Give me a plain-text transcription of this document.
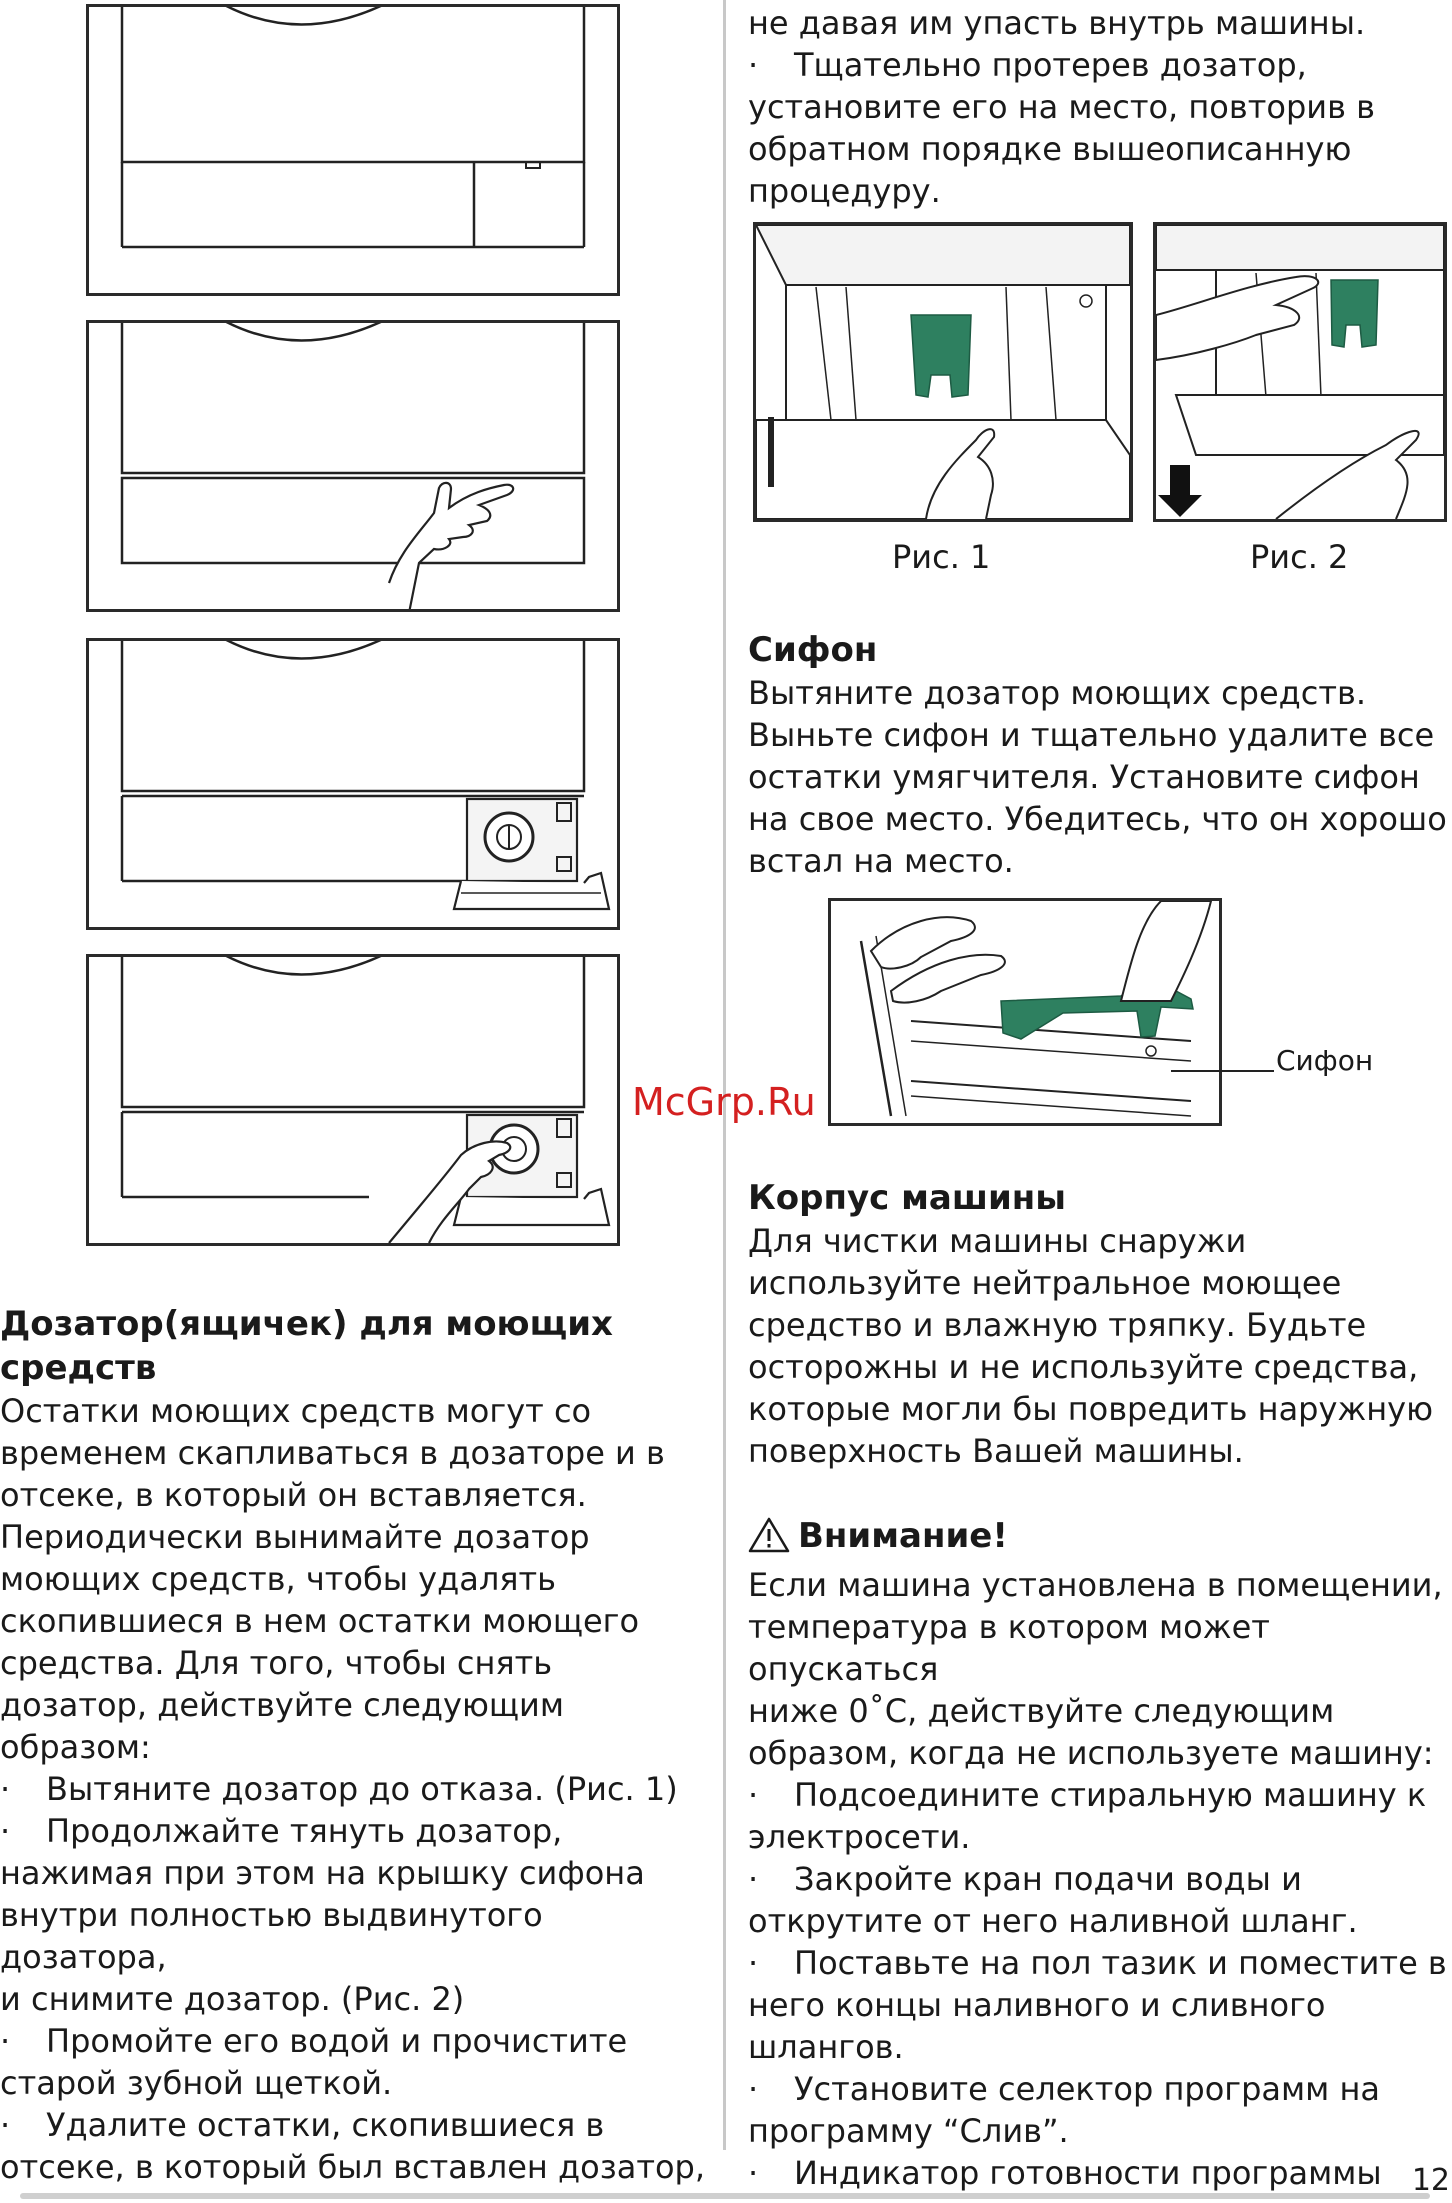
Дозатор(ящичек) для моющих
средств

Остатки моющих средств могут со

временем скапливаться в дозаторе и в

отсеке, в который он вставляется.

Периодически вынимайте дозатор

моющих средств, чтобы удалять

скопившиеся в нем остатки моющего

средства. Для того, чтобы снять

дозатор, действуйте следующим

образом:

· Вытяните дозатор до отказа. (Рис. 1)

· Продолжайте тянуть дозатор,

нажимая при этом на крышку сифона

внутри полностью выдвинутого дозатора,

и снимите дозатор. (Рис. 2)

· Промойте его водой и прочистите

старой зубной щеткой.

· Удалите остатки, скопившиеся в

отсеке, в который был вставлен дозатор,

не давая им упасть внутрь машины.

· Тщательно протерев дозатор,

установите его на место, повторив в

обратном порядке вышеописанную

процедуру.

Рис. 1	Рис. 2

Сифон

Вытяните дозатор моющих средств.

Выньте сифон и тщательно удалите все

остатки умягчителя. Установите сифон

на свое место. Убедитесь, что он хорошо

встал на место.

Сифон

Корпус машины

Для чистки машины снаружи

используйте нейтральное моющее

средство и влажную тряпку. Будьте

осторожны и не используйте средства,

которые могли бы повредить наружную

поверхность Вашей машины.

Внимание!

Если машина установлена в помещении,

температура в котором может опускаться

ниже 0˚С, действуйте следующим

образом, когда не используете машину:

· Подсоедините стиральную машину к

электросети.

· Закройте кран подачи воды и

открутите от него наливной шланг.

· Поставьте на пол тазик и поместите в

него концы наливного и сливного

шлангов.

· Установите селектор программ на

программу “Слив”.

· Индикатор готовности программы

McGrp.Ru
12
